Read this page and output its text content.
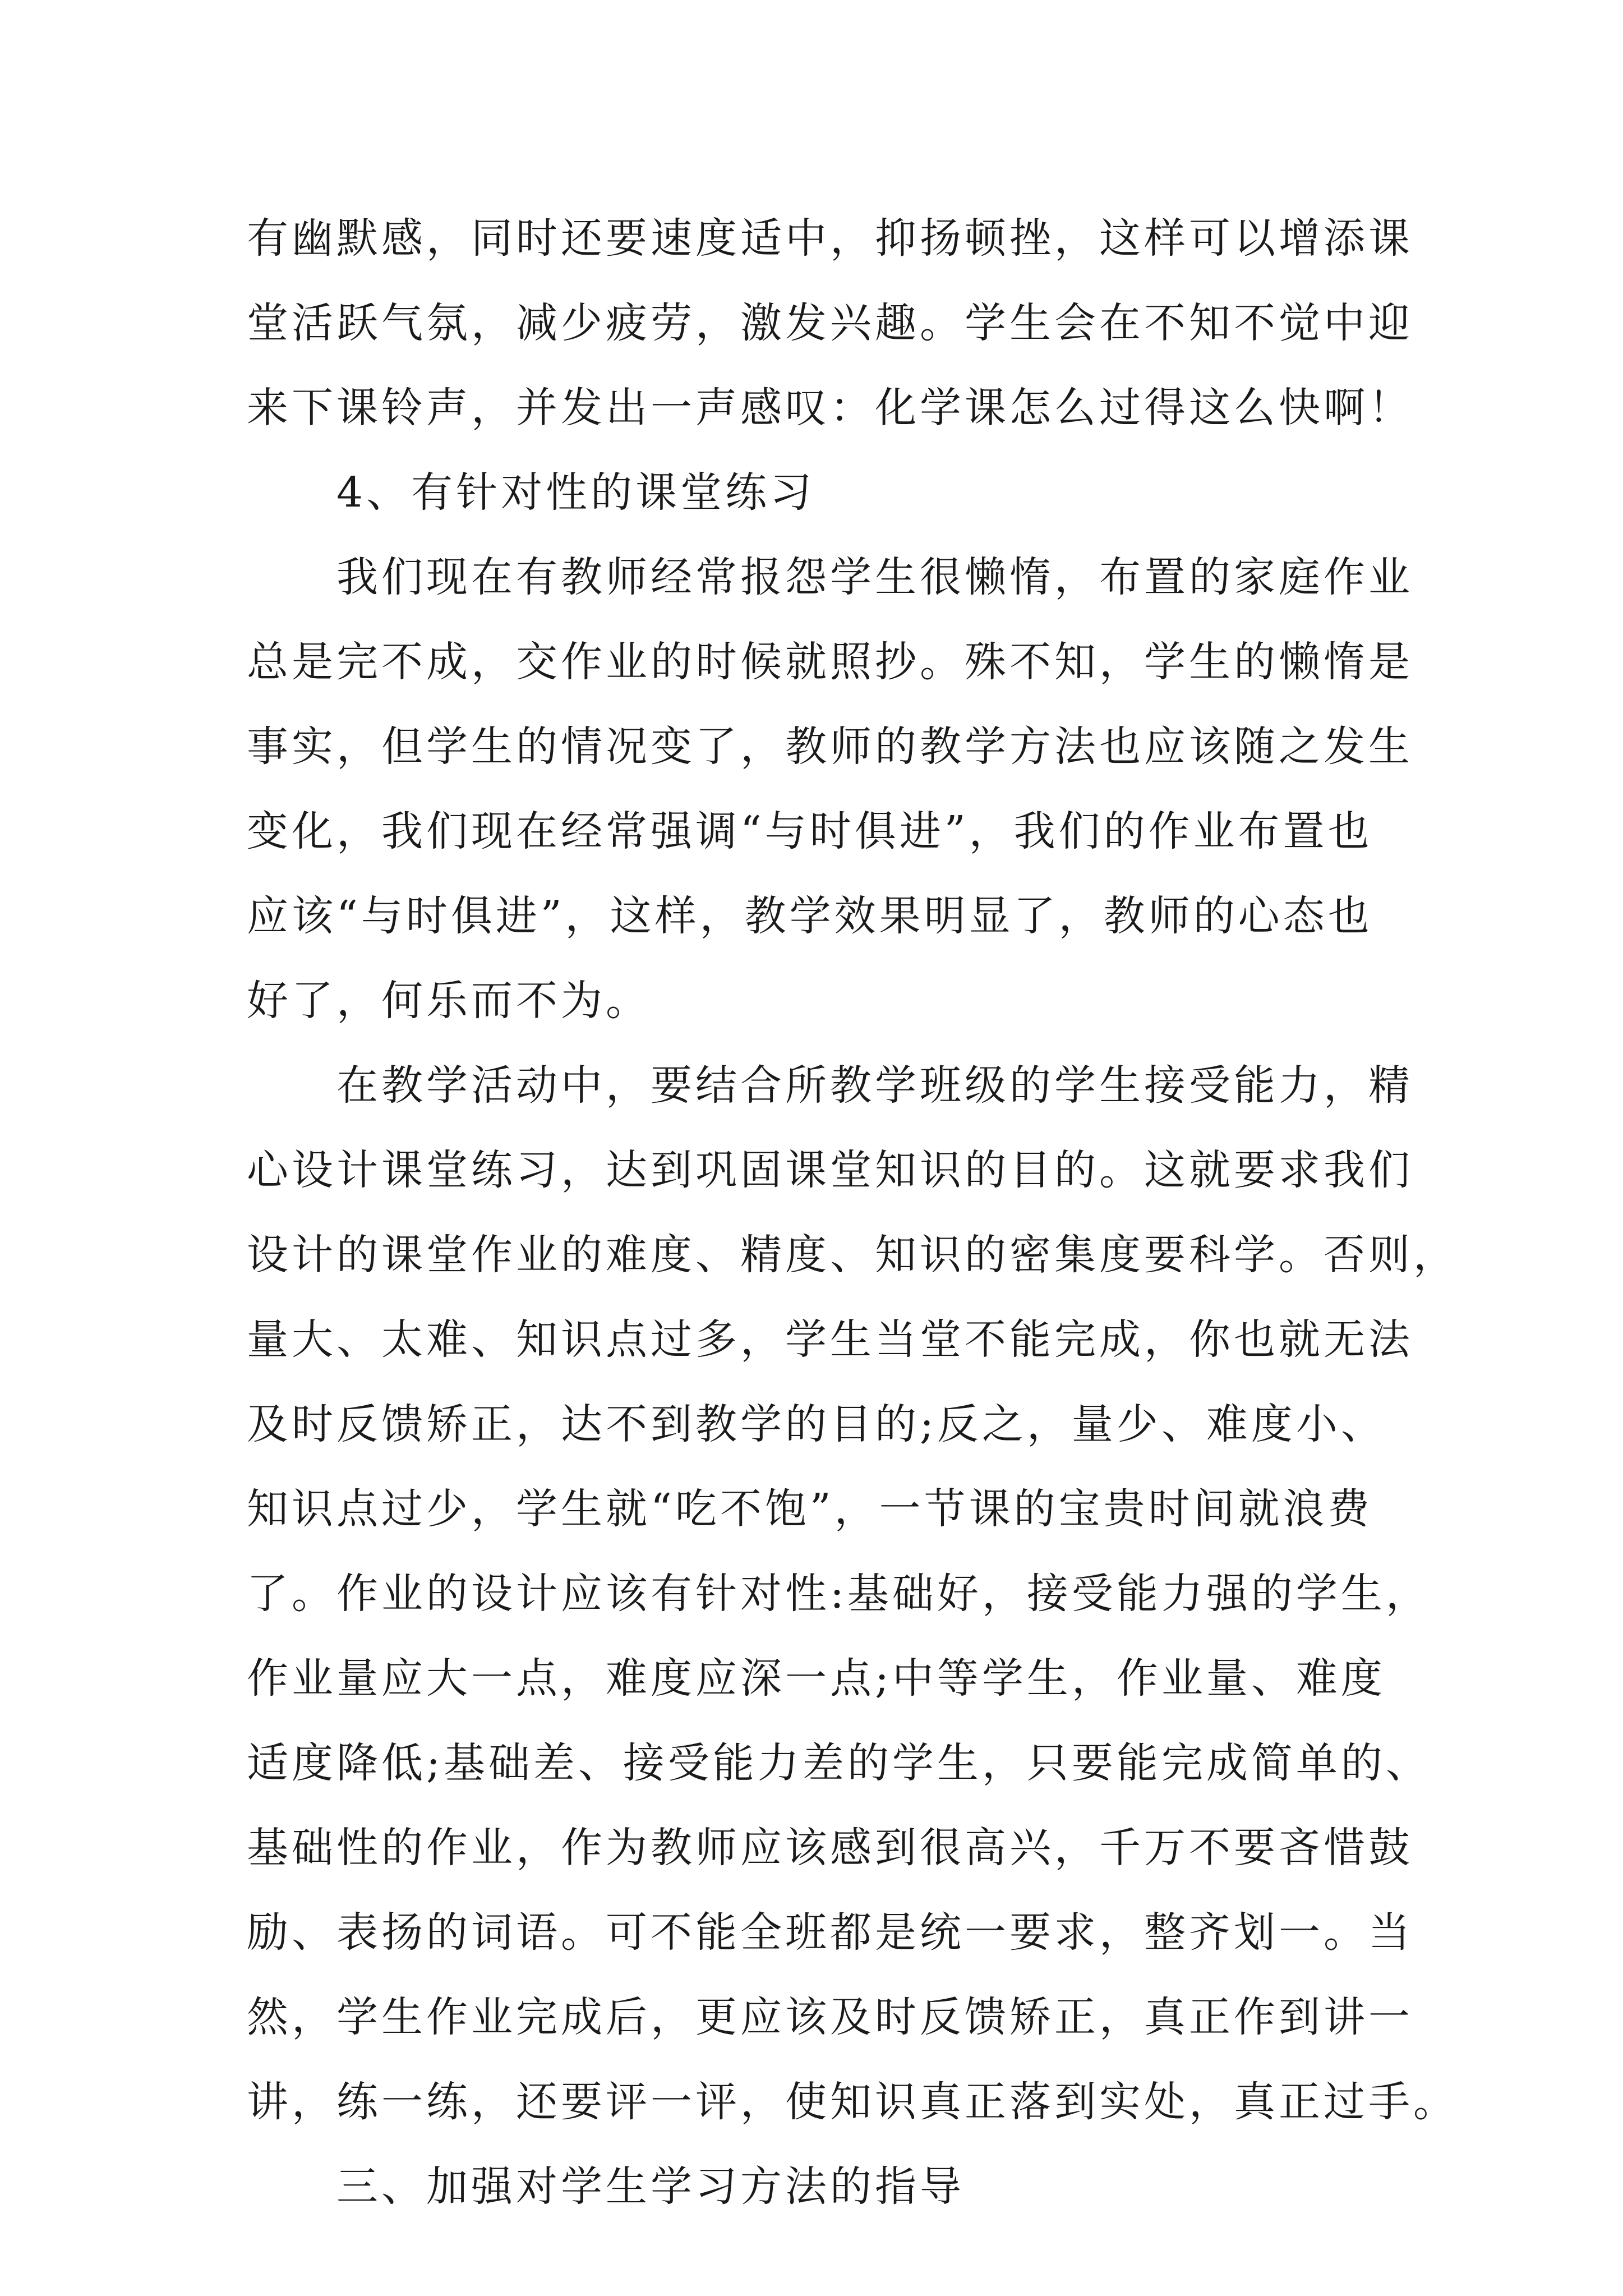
有幽默感，同时还要速度适中，抑扬顿挫，这样可以增添课
堂活跃气氛，减少疲劳，激发兴趣。学生会在不知不觉中迎
来下课铃声，并发出一声感叹：化学课怎么过得这么快啊！
4、有针对性的课堂练习
我们现在有教师经常报怨学生很懒惰，布置的家庭作业
总是完不成，交作业的时候就照抄。殊不知，学生的懒惰是
事实，但学生的情况变了，教师的教学方法也应该随之发生
变化，我们现在经常强调“与时俱进”，我们的作业布置也
应该“与时俱进”，这样，教学效果明显了，教师的心态也
好了，何乐而不为。
在教学活动中，要结合所教学班级的学生接受能力，精
心设计课堂练习，达到巩固课堂知识的目的。这就要求我们
设计的课堂作业的难度、精度、知识的密集度要科学。否则，
量大、太难、知识点过多，学生当堂不能完成，你也就无法
及时反馈矫正，达不到教学的目的;反之，量少、难度小、
知识点过少，学生就“吃不饱”，一节课的宝贵时间就浪费
了。作业的设计应该有针对性:基础好，接受能力强的学生，
作业量应大一点，难度应深一点;中等学生，作业量、难度
适度降低;基础差、接受能力差的学生，只要能完成简单的、
基础性的作业，作为教师应该感到很高兴，千万不要吝惜鼓
励、表扬的词语。可不能全班都是统一要求，整齐划一。当
然，学生作业完成后，更应该及时反馈矫正，真正作到讲一
讲，练一练，还要评一评，使知识真正落到实处，真正过手。
三、加强对学生学习方法的指导
